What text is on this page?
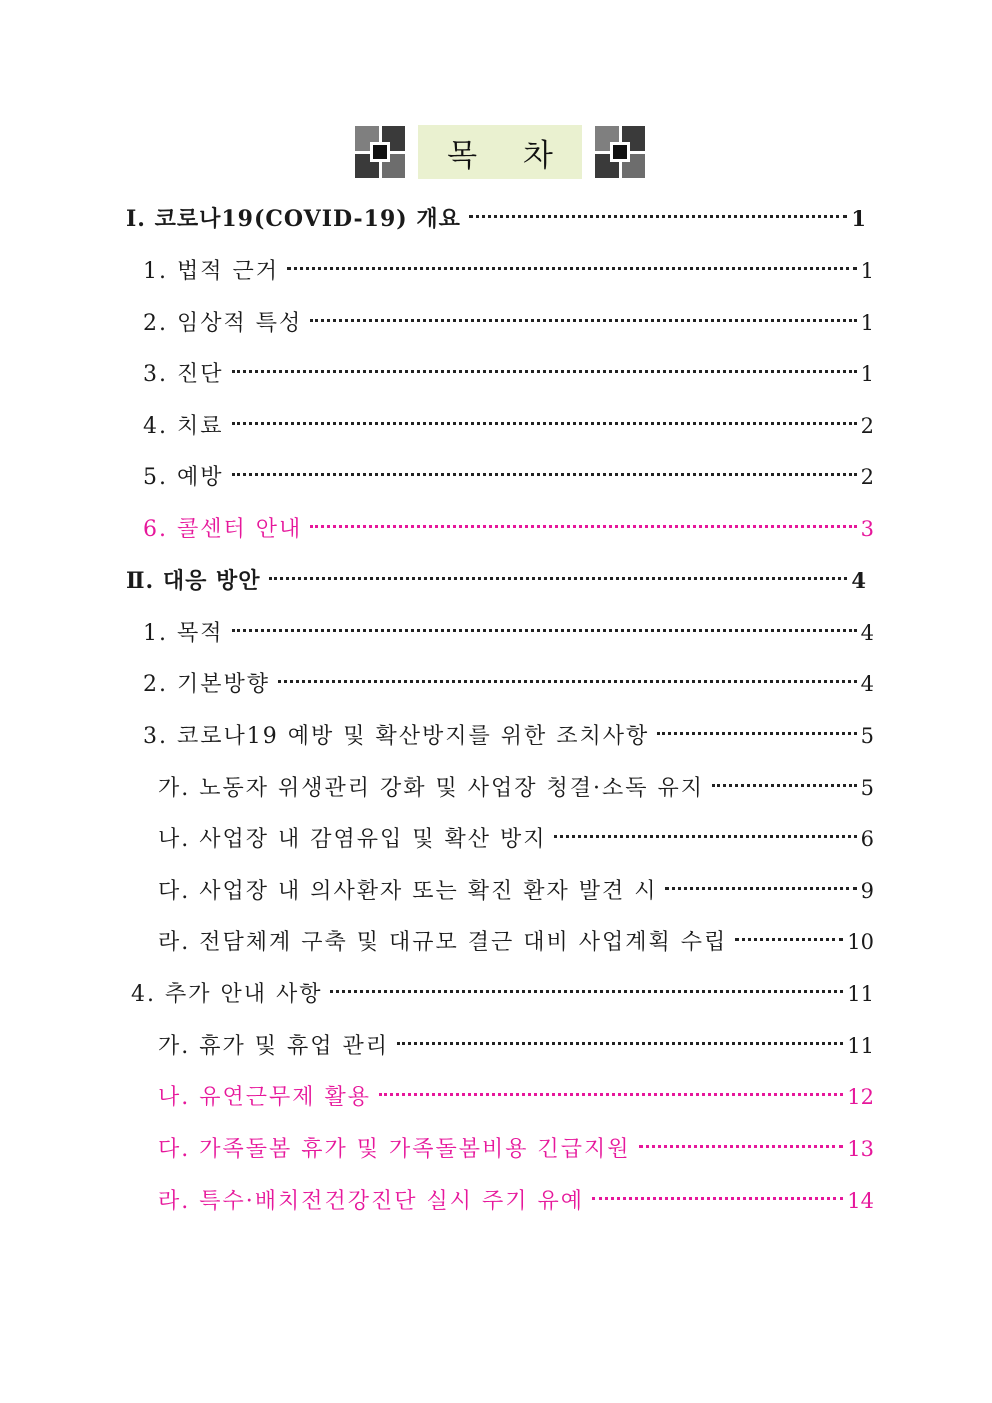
목 차
Ⅰ. 코로나19(COVID-19) 개요	1
1. 법적 근거	1
2. 임상적 특성	1
3. 진단	1
4. 치료	2
5. 예방	2
6. 콜센터 안내	3
Ⅱ. 대응 방안	4
1. 목적	4
2. 기본방향	4
3. 코로나19 예방 및 확산방지를 위한 조치사항	5
가. 노동자 위생관리 강화 및 사업장 청결·소독 유지	5
나. 사업장 내 감염유입 및 확산 방지	6
다. 사업장 내 의사환자 또는 확진 환자 발견 시	9
라. 전담체계 구축 및 대규모 결근 대비 사업계획 수립	10
4. 추가 안내 사항	11
가. 휴가 및 휴업 관리	11
나. 유연근무제 활용	12
다. 가족돌봄 휴가 및 가족돌봄비용 긴급지원	13
라. 특수·배치전건강진단 실시 주기 유예	14
